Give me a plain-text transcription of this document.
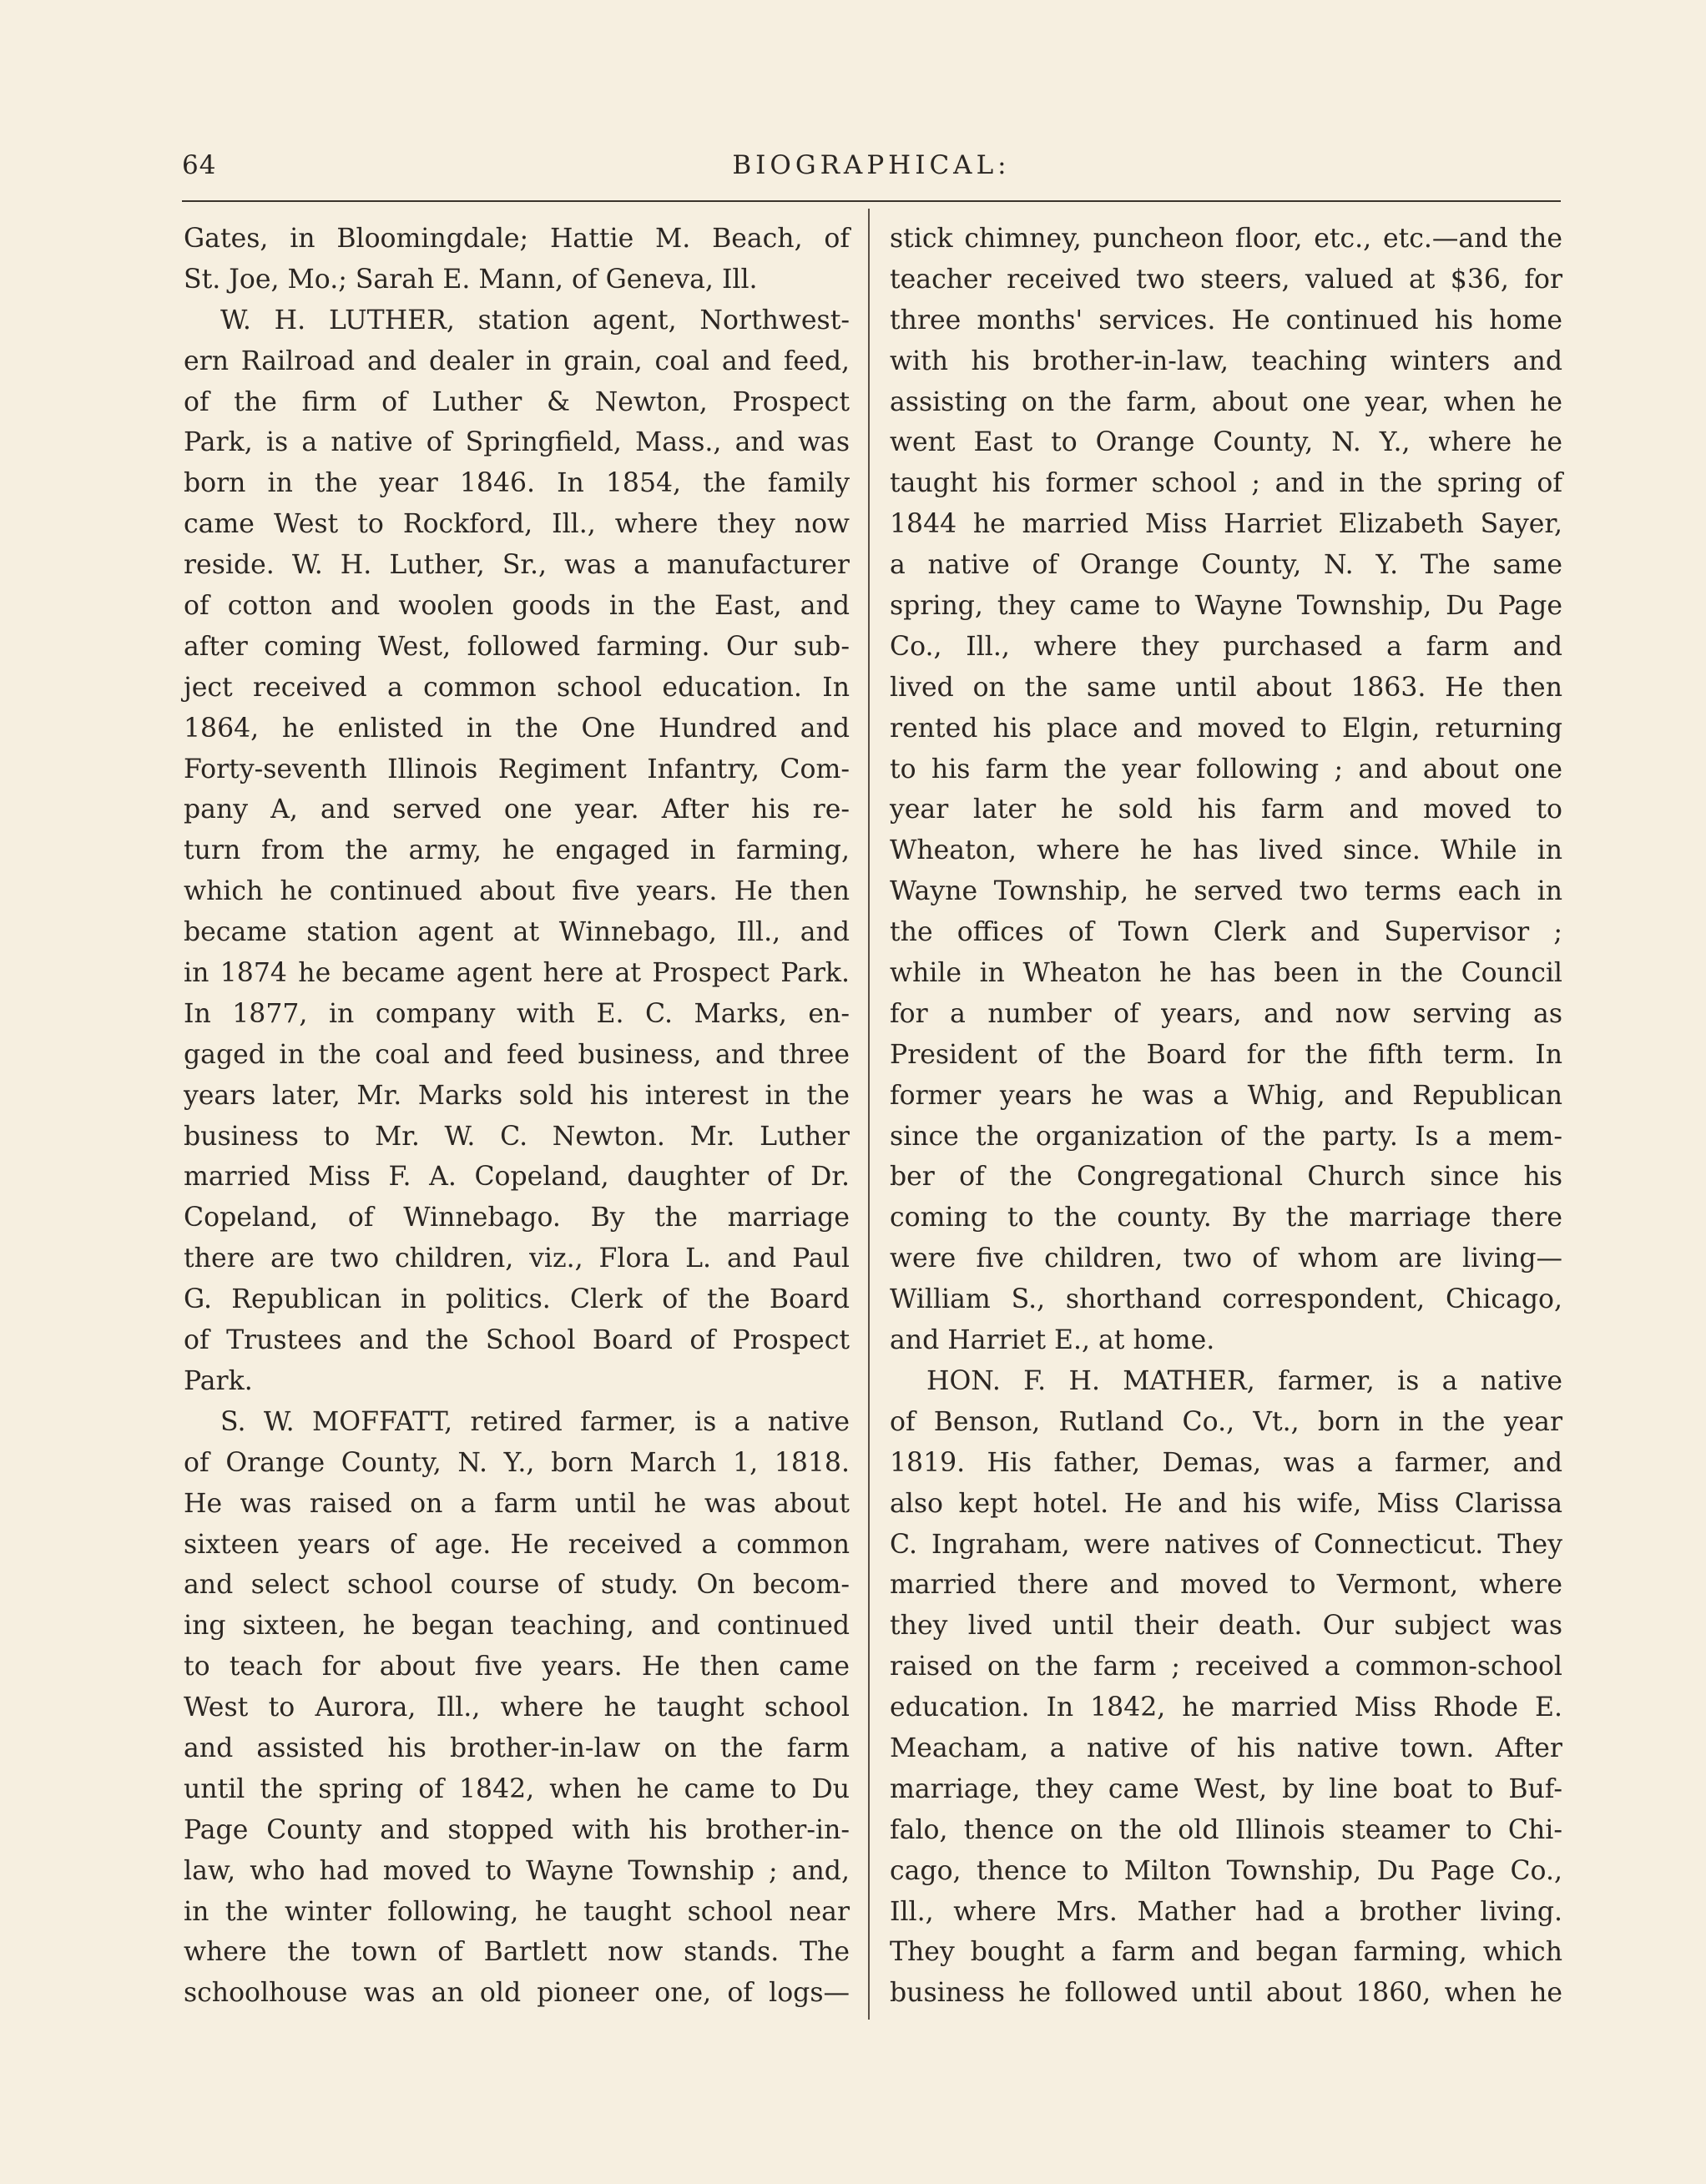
64	BIOGRAPHICAL:
Gates, in Bloomingdale; Hattie M. Beach, of
St. Joe, Mo.; Sarah E. Mann, of Geneva, Ill.
W. H. LUTHER, station agent, Northwest-
ern Railroad and dealer in grain, coal and feed,
of the firm of Luther & Newton, Prospect
Park, is a native of Springfield, Mass., and was
born in the year 1846. In 1854, the family
came West to Rockford, Ill., where they now
reside. W. H. Luther, Sr., was a manufacturer
of cotton and woolen goods in the East, and
after coming West, followed farming. Our sub-
ject received a common school education. In
1864, he enlisted in the One Hundred and
Forty-seventh Illinois Regiment Infantry, Com-
pany A, and served one year. After his re-
turn from the army, he engaged in farming,
which he continued about five years. He then
became station agent at Winnebago, Ill., and
in 1874 he became agent here at Prospect Park.
In 1877, in company with E. C. Marks, en-
gaged in the coal and feed business, and three
years later, Mr. Marks sold his interest in the
business to Mr. W. C. Newton. Mr. Luther
married Miss F. A. Copeland, daughter of Dr.
Copeland, of Winnebago. By the marriage
there are two children, viz., Flora L. and Paul
G. Republican in politics. Clerk of the Board
of Trustees and the School Board of Prospect
Park.
S. W. MOFFATT, retired farmer, is a native
of Orange County, N. Y., born March 1, 1818.
He was raised on a farm until he was about
sixteen years of age. He received a common
and select school course of study. On becom-
ing sixteen, he began teaching, and continued
to teach for about five years. He then came
West to Aurora, Ill., where he taught school
and assisted his brother-in-law on the farm
until the spring of 1842, when he came to Du
Page County and stopped with his brother-in-
law, who had moved to Wayne Township ; and,
in the winter following, he taught school near
where the town of Bartlett now stands. The
schoolhouse was an old pioneer one, of logs—
stick chimney, puncheon floor, etc., etc.—and the
teacher received two steers, valued at $36, for
three months' services. He continued his home
with his brother-in-law, teaching winters and
assisting on the farm, about one year, when he
went East to Orange County, N. Y., where he
taught his former school ; and in the spring of
1844 he married Miss Harriet Elizabeth Sayer,
a native of Orange County, N. Y. The same
spring, they came to Wayne Township, Du Page
Co., Ill., where they purchased a farm and
lived on the same until about 1863. He then
rented his place and moved to Elgin, returning
to his farm the year following ; and about one
year later he sold his farm and moved to
Wheaton, where he has lived since. While in
Wayne Township, he served two terms each in
the offices of Town Clerk and Supervisor ;
while in Wheaton he has been in the Council
for a number of years, and now serving as
President of the Board for the fifth term. In
former years he was a Whig, and Republican
since the organization of the party. Is a mem-
ber of the Congregational Church since his
coming to the county. By the marriage there
were five children, two of whom are living—
William S., shorthand correspondent, Chicago,
and Harriet E., at home.
HON. F. H. MATHER, farmer, is a native
of Benson, Rutland Co., Vt., born in the year
1819. His father, Demas, was a farmer, and
also kept hotel. He and his wife, Miss Clarissa
C. Ingraham, were natives of Connecticut. They
married there and moved to Vermont, where
they lived until their death. Our subject was
raised on the farm ; received a common-school
education. In 1842, he married Miss Rhode E.
Meacham, a native of his native town. After
marriage, they came West, by line boat to Buf-
falo, thence on the old Illinois steamer to Chi-
cago, thence to Milton Township, Du Page Co.,
Ill., where Mrs. Mather had a brother living.
They bought a farm and began farming, which
business he followed until about 1860, when he
